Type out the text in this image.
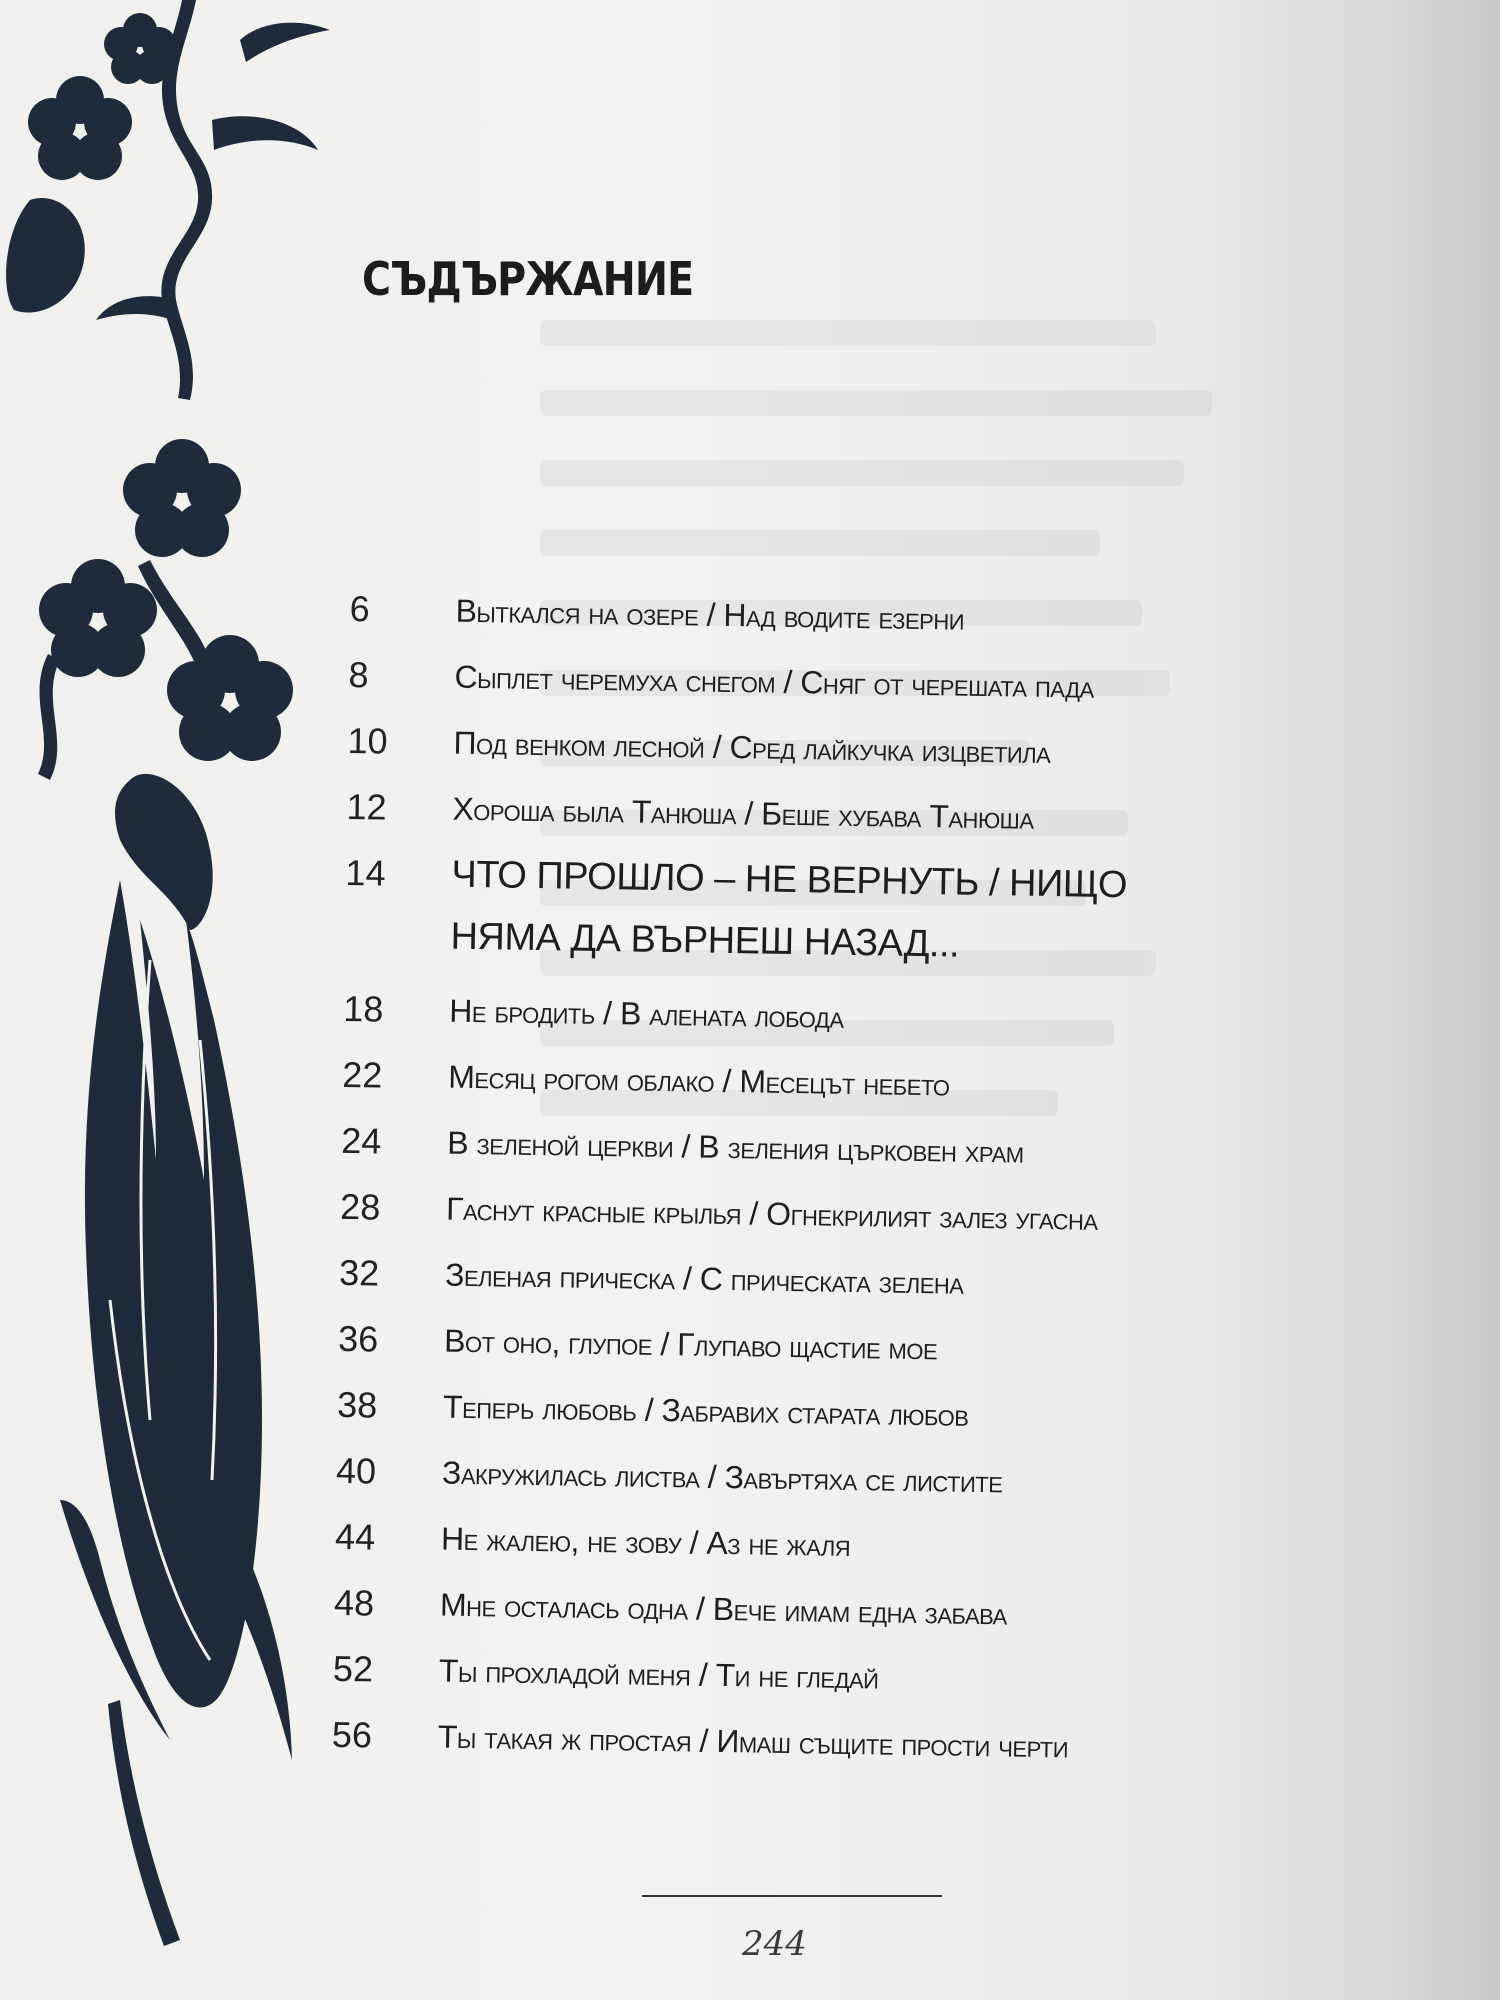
СЪДЪРЖАНИЕ
6	Выткался на озере / Над водите езерни
8	Сыплет черемуха снегом / Сняг от черешата пада
10	Под венком лесной / Сред лайкучка изцветила
12	Хороша была Танюша / Беше хубава Танюша
14	ЧТО ПРОШЛО – НЕ ВЕРНУТЬ / НИЩО НЯМА ДА ВЪРНЕШ НАЗАД...
18	Не бродить / В алената лобода
22	Месяц рогом облако / Месецът небето
24	В зеленой церкви / В зеления църковен храм
28	Гаснут красные крылья / Огнекрилият залез угасна
32	Зеленая прическа / С прическата зелена
36	Вот оно, глупое / Глупаво щастие мое
38	Теперь любовь / Забравих старата любов
40	Закружилась листва / Завъртяха се листите
44	Не жалею, не зову / Аз не жаля
48	Мне осталась одна / Вече имам една забава
52	Ты прохладой меня / Ти не гледай
56	Ты такая ж простая / Имаш същите прости черти
244
